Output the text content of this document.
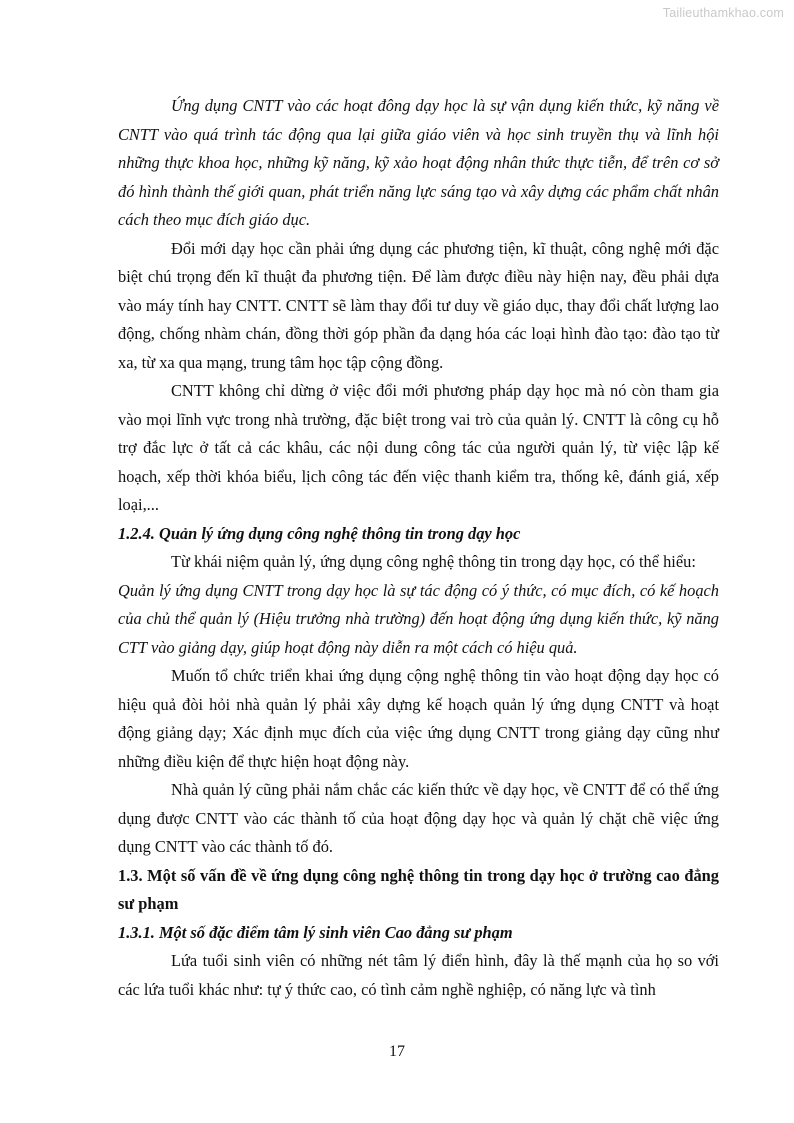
Tailieuthamkhao.com

Ứng dụng CNTT vào các hoạt đông dạy học là sự vận dụng kiến thức, kỹ năng về CNTT vào quá trình tác động qua lại giữa giáo viên và học sinh truyền thụ và lĩnh hội những thực khoa học, những kỹ năng, kỹ xảo hoạt động nhân thức thực tiễn, để trên cơ sở đó hình thành thế giới quan, phát triển năng lực sáng tạo và xây dựng các phẩm chất nhân cách theo mục đích giáo dục.

Đổi mới dạy học cần phải ứng dụng các phương tiện, kĩ thuật, công nghệ mới đặc biệt chú trọng đến kĩ thuật đa phương tiện. Để làm được điều này hiện nay, đều phải dựa vào máy tính hay CNTT. CNTT sẽ làm thay đổi tư duy về giáo dục, thay đổi chất lượng lao động, chống nhàm chán, đồng thời góp phần đa dạng hóa các loại hình đào tạo: đào tạo từ xa, từ xa qua mạng, trung tâm học tập cộng đồng.

CNTT không chỉ dừng ở việc đổi mới phương pháp dạy học mà nó còn tham gia vào mọi lĩnh vực trong nhà trường, đặc biệt trong vai trò của quản lý. CNTT là công cụ hỗ trợ đắc lực ở tất cả các khâu, các nội dung công tác của người quản lý, từ việc lập kế hoạch, xếp thời khóa biểu, lịch công tác đến việc thanh kiểm tra, thống kê, đánh giá, xếp loại,...

1.2.4. Quản lý ứng dụng công nghệ thông tin trong dạy học

Từ khái niệm quản lý, ứng dụng công nghệ thông tin trong dạy học, có thể hiểu:

Quản lý ứng dụng CNTT trong dạy học là sự tác động có ý thức, có mục đích, có kế hoạch của chủ thể quản lý (Hiệu trưởng nhà trường) đến hoạt động ứng dụng kiến thức, kỹ năng CTT vào giảng dạy, giúp hoạt động này diễn ra một cách có hiệu quả.

Muốn tổ chức triển khai ứng dụng cộng nghệ thông tin vào hoạt động dạy học có hiệu quả đòi hỏi nhà quản lý phải xây dựng kế hoạch quản lý ứng dụng CNTT và hoạt động giảng dạy; Xác định mục đích của việc ứng dụng CNTT trong giảng dạy cũng như những điều kiện để thực hiện hoạt động này.

Nhà quản lý cũng phải nắm chắc các kiến thức về dạy học, về CNTT để có thể ứng dụng được CNTT vào các thành tố của hoạt động dạy học và quản lý chặt chẽ việc ứng dụng CNTT vào các thành tố đó.

1.3. Một số vấn đề về ứng dụng công nghệ thông tin trong dạy học ở trường cao đẳng sư phạm
1.3.1. Một số đặc điểm tâm lý sinh viên Cao đẳng sư phạm

Lứa tuổi sinh viên có những nét tâm lý điển hình, đây là thế mạnh của họ so với các lứa tuổi khác như: tự ý thức cao, có tình cảm nghề nghiệp, có năng lực và tình

17
